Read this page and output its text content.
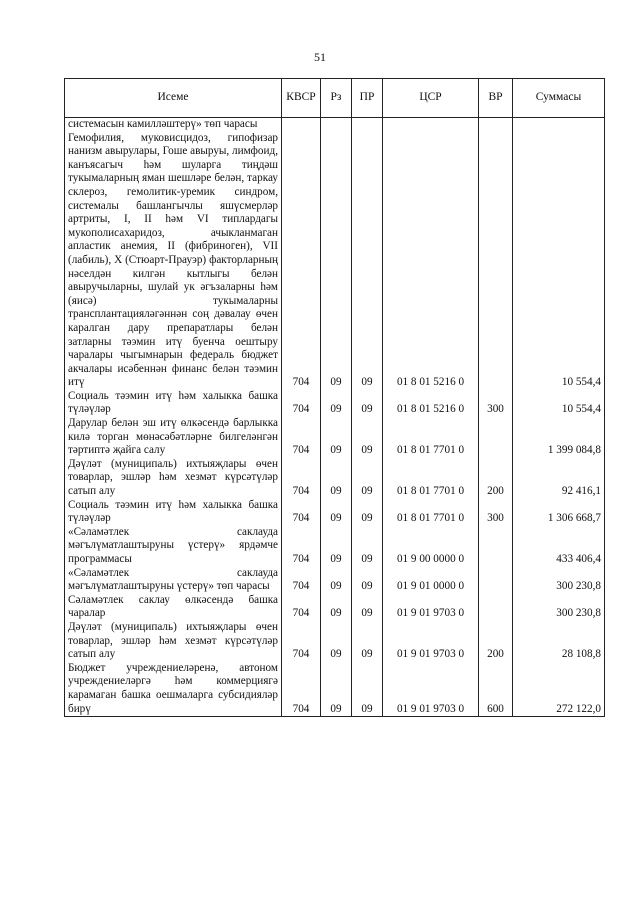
51
Исеме	КВСР	Рз	ПР	ЦСР	ВР	Суммасы
системасын камилләштерү» төп чарасы						
Гемофилия, муковисцидоз, гипофизар нанизм авырулары, Гоше авыруы, лимфоид, канъясагыч һәм шуларга тиңдәш тукымаларның яман шешләре белән, таркау склероз, гемолитик-уремик синдром, системалы башлангычлы яшүсмерләр артриты, I, II һәм VI типлардагы мукополисахаридоз, ачыкланмаган апластик анемия, II (фибриноген), VII (лабиль), X (Стюарт-Прауэр) факторларның нәселдән килгән кытлыгы белән авыручыларны, шулай ук әгъзаларны һәм (яисә) тукымаларны трансплантацияләгәннән соң дәвалау өчен каралган дару препаратлары белән затларны тәэмин итү буенча оештыру чаралары чыгымнарын федераль бюджет акчалары исәбеннән финанс белән тәэмин итү	704	09	09	01 8 01 5216 0		10 554,4
Социаль тәэмин итү һәм халыкка башка түләүләр	704	09	09	01 8 01 5216 0	300	10 554,4
Дарулар белән эш итү өлкәсендә барлыкка килә торган мөнәсәбәтләрне билгеләнгән тәртиптә җайга салу	704	09	09	01 8 01 7701 0		1 399 084,8
Дәүләт (муниципаль) ихтыяҗлары өчен товарлар, эшләр һәм хезмәт күрсәтүләр сатып алу	704	09	09	01 8 01 7701 0	200	92 416,1
Социаль тәэмин итү һәм халыкка башка түләүләр	704	09	09	01 8 01 7701 0	300	1 306 668,7
«Сәламәтлек саклауда мәгълүматлаштыруны үстерү» ярдәмче программасы	704	09	09	01 9 00 0000 0		433 406,4
«Сәламәтлек саклауда мәгълүматлаштыруны үстерү» төп чарасы	704	09	09	01 9 01 0000 0		300 230,8
Сәламәтлек саклау өлкәсендә башка чаралар	704	09	09	01 9 01 9703 0		300 230,8
Дәүләт (муниципаль) ихтыяҗлары өчен товарлар, эшләр һәм хезмәт күрсәтүләр сатып алу	704	09	09	01 9 01 9703 0	200	28 108,8
Бюджет учреждениеләренә, автоном учреждениеләргә һәм коммерциягә карамаган башка оешмаларга субсидияләр бирү	704	09	09	01 9 01 9703 0	600	272 122,0
